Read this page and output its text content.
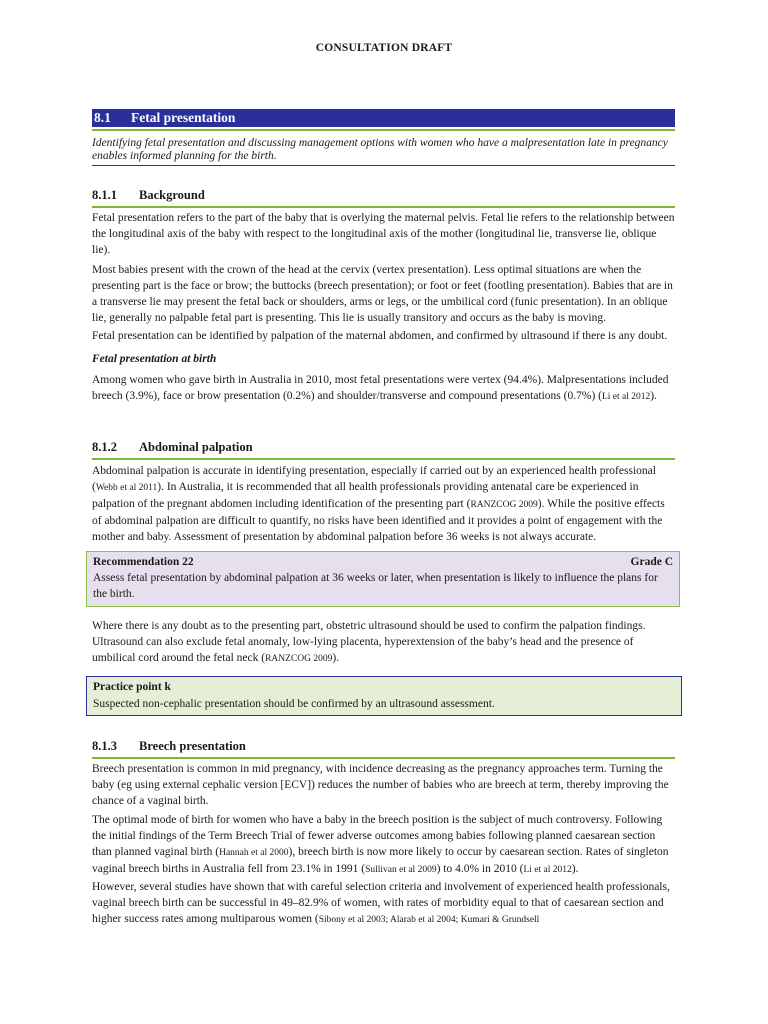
CONSULTATION DRAFT
8.1 Fetal presentation
Identifying fetal presentation and discussing management options with women who have a malpresentation late in pregnancy enables informed planning for the birth.
8.1.1 Background
Fetal presentation refers to the part of the baby that is overlying the maternal pelvis. Fetal lie refers to the relationship between the longitudinal axis of the baby with respect to the longitudinal axis of the mother (longitudinal lie, transverse lie, oblique lie).
Most babies present with the crown of the head at the cervix (vertex presentation). Less optimal situations are when the presenting part is the face or brow; the buttocks (breech presentation); or foot or feet (footling presentation). Babies that are in a transverse lie may present the fetal back or shoulders, arms or legs, or the umbilical cord (funic presentation). In an oblique lie, generally no palpable fetal part is presenting. This lie is usually transitory and occurs as the baby is moving.
Fetal presentation can be identified by palpation of the maternal abdomen, and confirmed by ultrasound if there is any doubt.
Fetal presentation at birth
Among women who gave birth in Australia in 2010, most fetal presentations were vertex (94.4%). Malpresentations included breech (3.9%), face or brow presentation (0.2%) and shoulder/transverse and compound presentations (0.7%) (Li et al 2012).
8.1.2 Abdominal palpation
Abdominal palpation is accurate in identifying presentation, especially if carried out by an experienced health professional (Webb et al 2011). In Australia, it is recommended that all health professionals providing antenatal care be experienced in palpation of the pregnant abdomen including identification of the presenting part (RANZCOG 2009). While the positive effects of abdominal palpation are difficult to quantify, no risks have been identified and it provides a point of engagement with the mother and baby. Assessment of presentation by abdominal palpation before 36 weeks is not always accurate.
Recommendation 22	Grade C
Assess fetal presentation by abdominal palpation at 36 weeks or later, when presentation is likely to influence the plans for the birth.
Where there is any doubt as to the presenting part, obstetric ultrasound should be used to confirm the palpation findings. Ultrasound can also exclude fetal anomaly, low-lying placenta, hyperextension of the baby’s head and the presence of umbilical cord around the fetal neck (RANZCOG 2009).
Practice point k
Suspected non-cephalic presentation should be confirmed by an ultrasound assessment.
8.1.3 Breech presentation
Breech presentation is common in mid pregnancy, with incidence decreasing as the pregnancy approaches term. Turning the baby (eg using external cephalic version [ECV]) reduces the number of babies who are breech at term, thereby improving the chance of a vaginal birth.
The optimal mode of birth for women who have a baby in the breech position is the subject of much controversy. Following the initial findings of the Term Breech Trial of fewer adverse outcomes among babies following planned caesarean section than planned vaginal birth (Hannah et al 2000), breech birth is now more likely to occur by caesarean section. Rates of singleton vaginal breech births in Australia fell from 23.1% in 1991 (Sullivan et al 2009) to 4.0% in 2010 (Li et al 2012).
However, several studies have shown that with careful selection criteria and involvement of experienced health professionals, vaginal breech birth can be successful in 49–82.9% of women, with rates of morbidity equal to that of caesarean section and higher success rates among multiparous women (Sibony et al 2003; Alarab et al 2004; Kumari & Grundsell
